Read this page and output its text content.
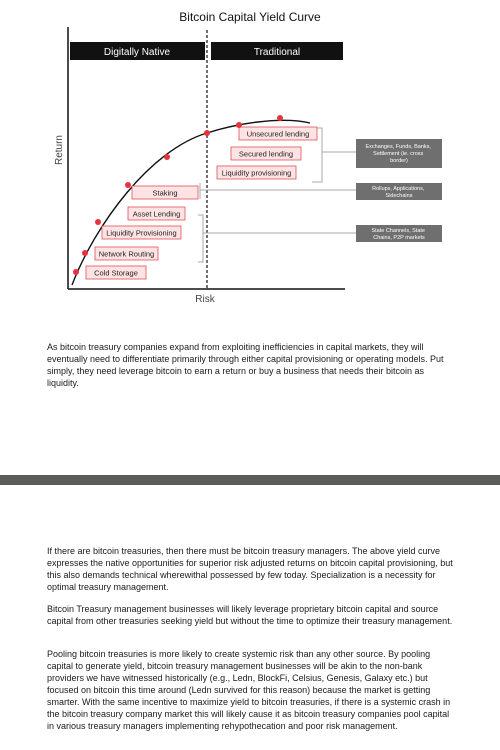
Bitcoin Capital Yield Curve
Return
Risk
Digitally Native	Traditional
Cold Storage
Network Routing
Liquidity Provisioning
Asset Lending
Staking
Liquidity provisioning
Secured lending
Unsecured lending
Exchanges, Funds, Banks, Settlement (ie. cross border)
Rollups, Applications, Sidechains
State Channels, State Chains, P2P markets

As bitcoin treasury companies expand from exploiting inefficiencies in capital markets, they will eventually need to differentiate primarily through either capital provisioning or operating models. Put simply, they need leverage bitcoin to earn a return or buy a business that needs their bitcoin as liquidity.

If there are bitcoin treasuries, then there must be bitcoin treasury managers. The above yield curve expresses the native opportunities for superior risk adjusted returns on bitcoin capital provisioning, but this also demands technical wherewithal possessed by few today. Specialization is a necessity for optimal treasury management.

Bitcoin Treasury management businesses will likely leverage proprietary bitcoin capital and source capital from other treasuries seeking yield but without the time to optimize their treasury management.

Pooling bitcoin treasuries is more likely to create systemic risk than any other source. By pooling capital to generate yield, bitcoin treasury management businesses will be akin to the non-bank providers we have witnessed historically (e.g., Ledn, BlockFi, Celsius, Genesis, Galaxy etc.) but focused on bitcoin this time around (Ledn survived for this reason) because the market is getting smarter. With the same incentive to maximize yield to bitcoin treasuries, if there is a systemic crash in the bitcoin treasury company market this will likely cause it as bitcoin treasury companies pool capital in various treasury managers implementing rehypothecation and poor risk management.
